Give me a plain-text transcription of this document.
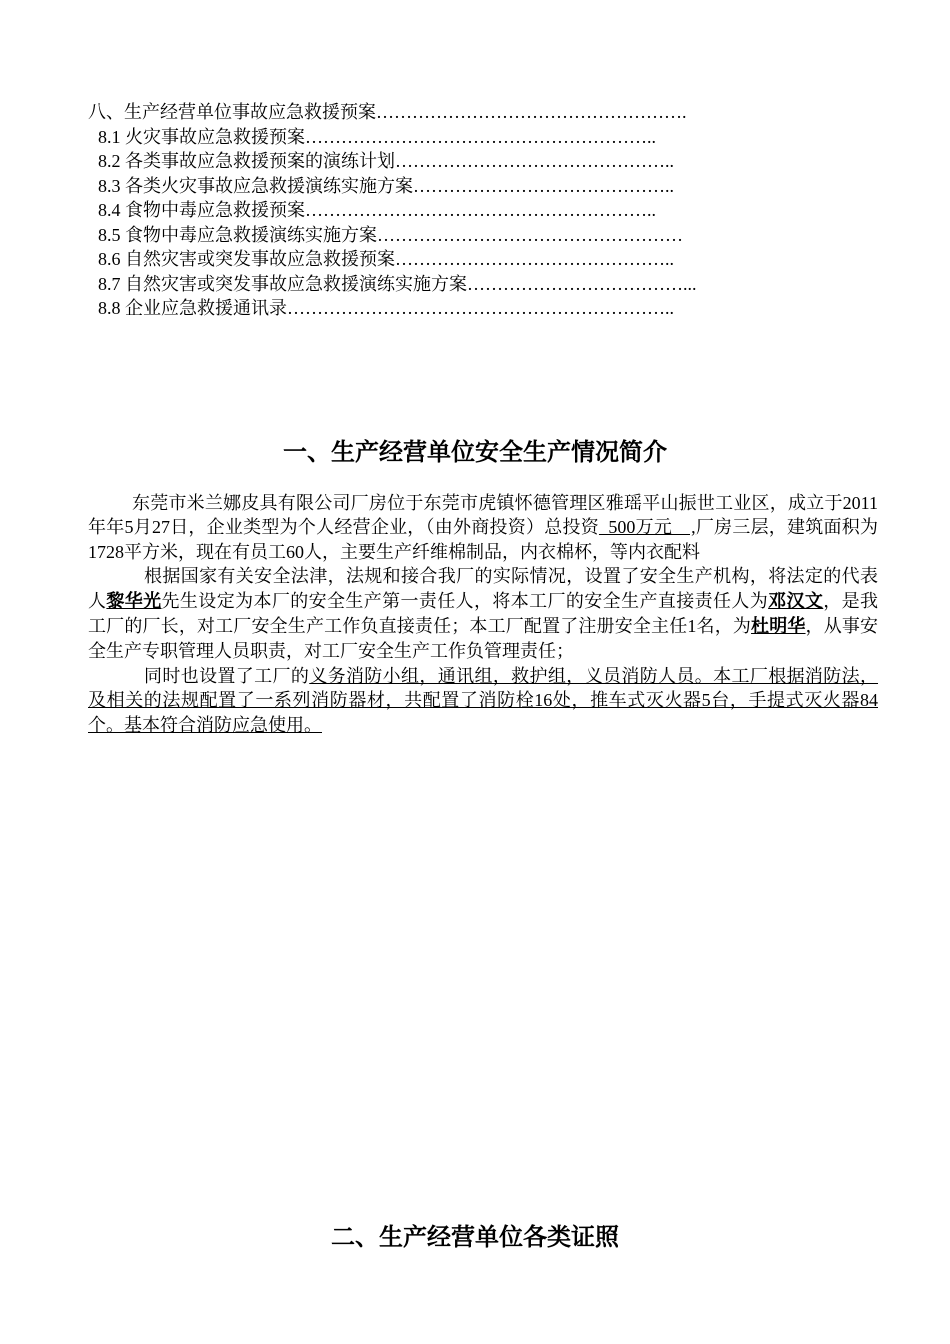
八、生产经营单位事故应急救援预案…………………………………………….
8.1 火灾事故应急救援预案…………………………………………………..
8.2 各类事故应急救援预案的演练计划………………………………………..
8.3 各类火灾事故应急救援演练实施方案……………………………………..
8.4 食物中毒应急救援预案…………………………………………………..
8.5 食物中毒应急救援演练实施方案……………………………………………
8.6 自然灾害或突发事故应急救援预案………………………………………..
8.7 自然灾害或突发事故应急救援演练实施方案………………………………...
8.8 企业应急救援通讯录………………………………………………………..
一、生产经营单位安全生产情况简介

东莞市米兰娜皮具有限公司厂房位于东莞市虎镇怀德管理区雅瑶平山振世工业区，成立于2011年年5月27日，企业类型为个人经营企业，（由外商投资）总投资  500万元    ,厂房三层，建筑面积为1728平方米，现在有员工60人，主要生产纤维棉制品，内衣棉杯，等内衣配料

根据国家有关安全法津，法规和接合我厂的实际情况，设置了安全生产机构，将法定的代表人黎华光先生设定为本厂的安全生产第一责任人，将本工厂的安全生产直接责任人为邓汉文，是我工厂的厂长，对工厂安全生产工作负直接责任；本工厂配置了注册安全主任1名，为杜明华，从事安全生产专职管理人员职责，对工厂安全生产工作负管理责任；

同时也设置了工厂的义务消防小组，通讯组，救护组，义员消防人员。本工厂根据消防法，及相关的法规配置了一系列消防器材，共配置了消防栓16处，推车式灭火器5台，手提式灭火器84个。基本符合消防应急使用。

二、生产经营单位各类证照
